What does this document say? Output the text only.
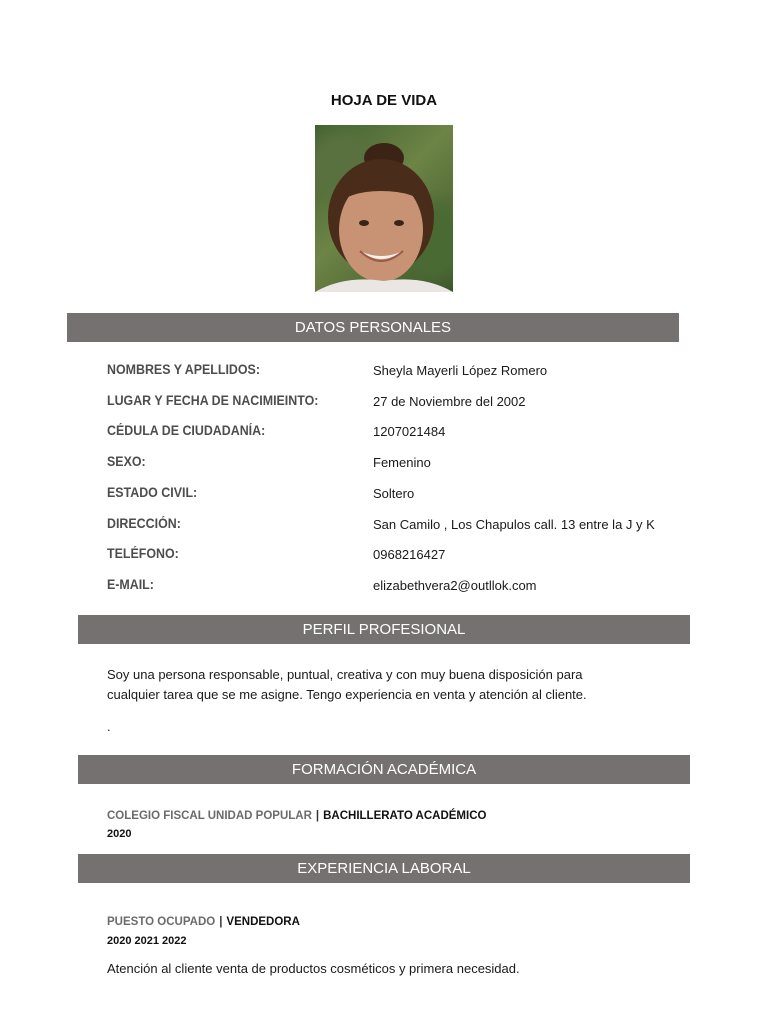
HOJA DE VIDA
DATOS PERSONALES
NOMBRES Y APELLIDOS:	Sheyla Mayerli López Romero
LUGAR Y FECHA DE NACIMIEINTO:	27 de Noviembre del 2002
CÉDULA DE CIUDADANÍA:	1207021484
SEXO:	Femenino
ESTADO CIVIL:	Soltero
DIRECCIÓN:	San Camilo , Los Chapulos call. 13 entre la J y K
TELÉFONO:	0968216427
E-MAIL:	elizabethvera2@outllok.com
PERFIL PROFESIONAL
Soy una persona responsable, puntual, creativa y con muy buena disposición para
cualquier tarea que se me asigne. Tengo experiencia en venta y atención al cliente.
.
FORMACIÓN ACADÉMICA
COLEGIO FISCAL UNIDAD POPULAR | BACHILLERATO ACADÉMICO
2020
EXPERIENCIA LABORAL
PUESTO OCUPADO | VENDEDORA
2020 2021 2022
Atención al cliente venta de productos cosméticos y primera necesidad.
